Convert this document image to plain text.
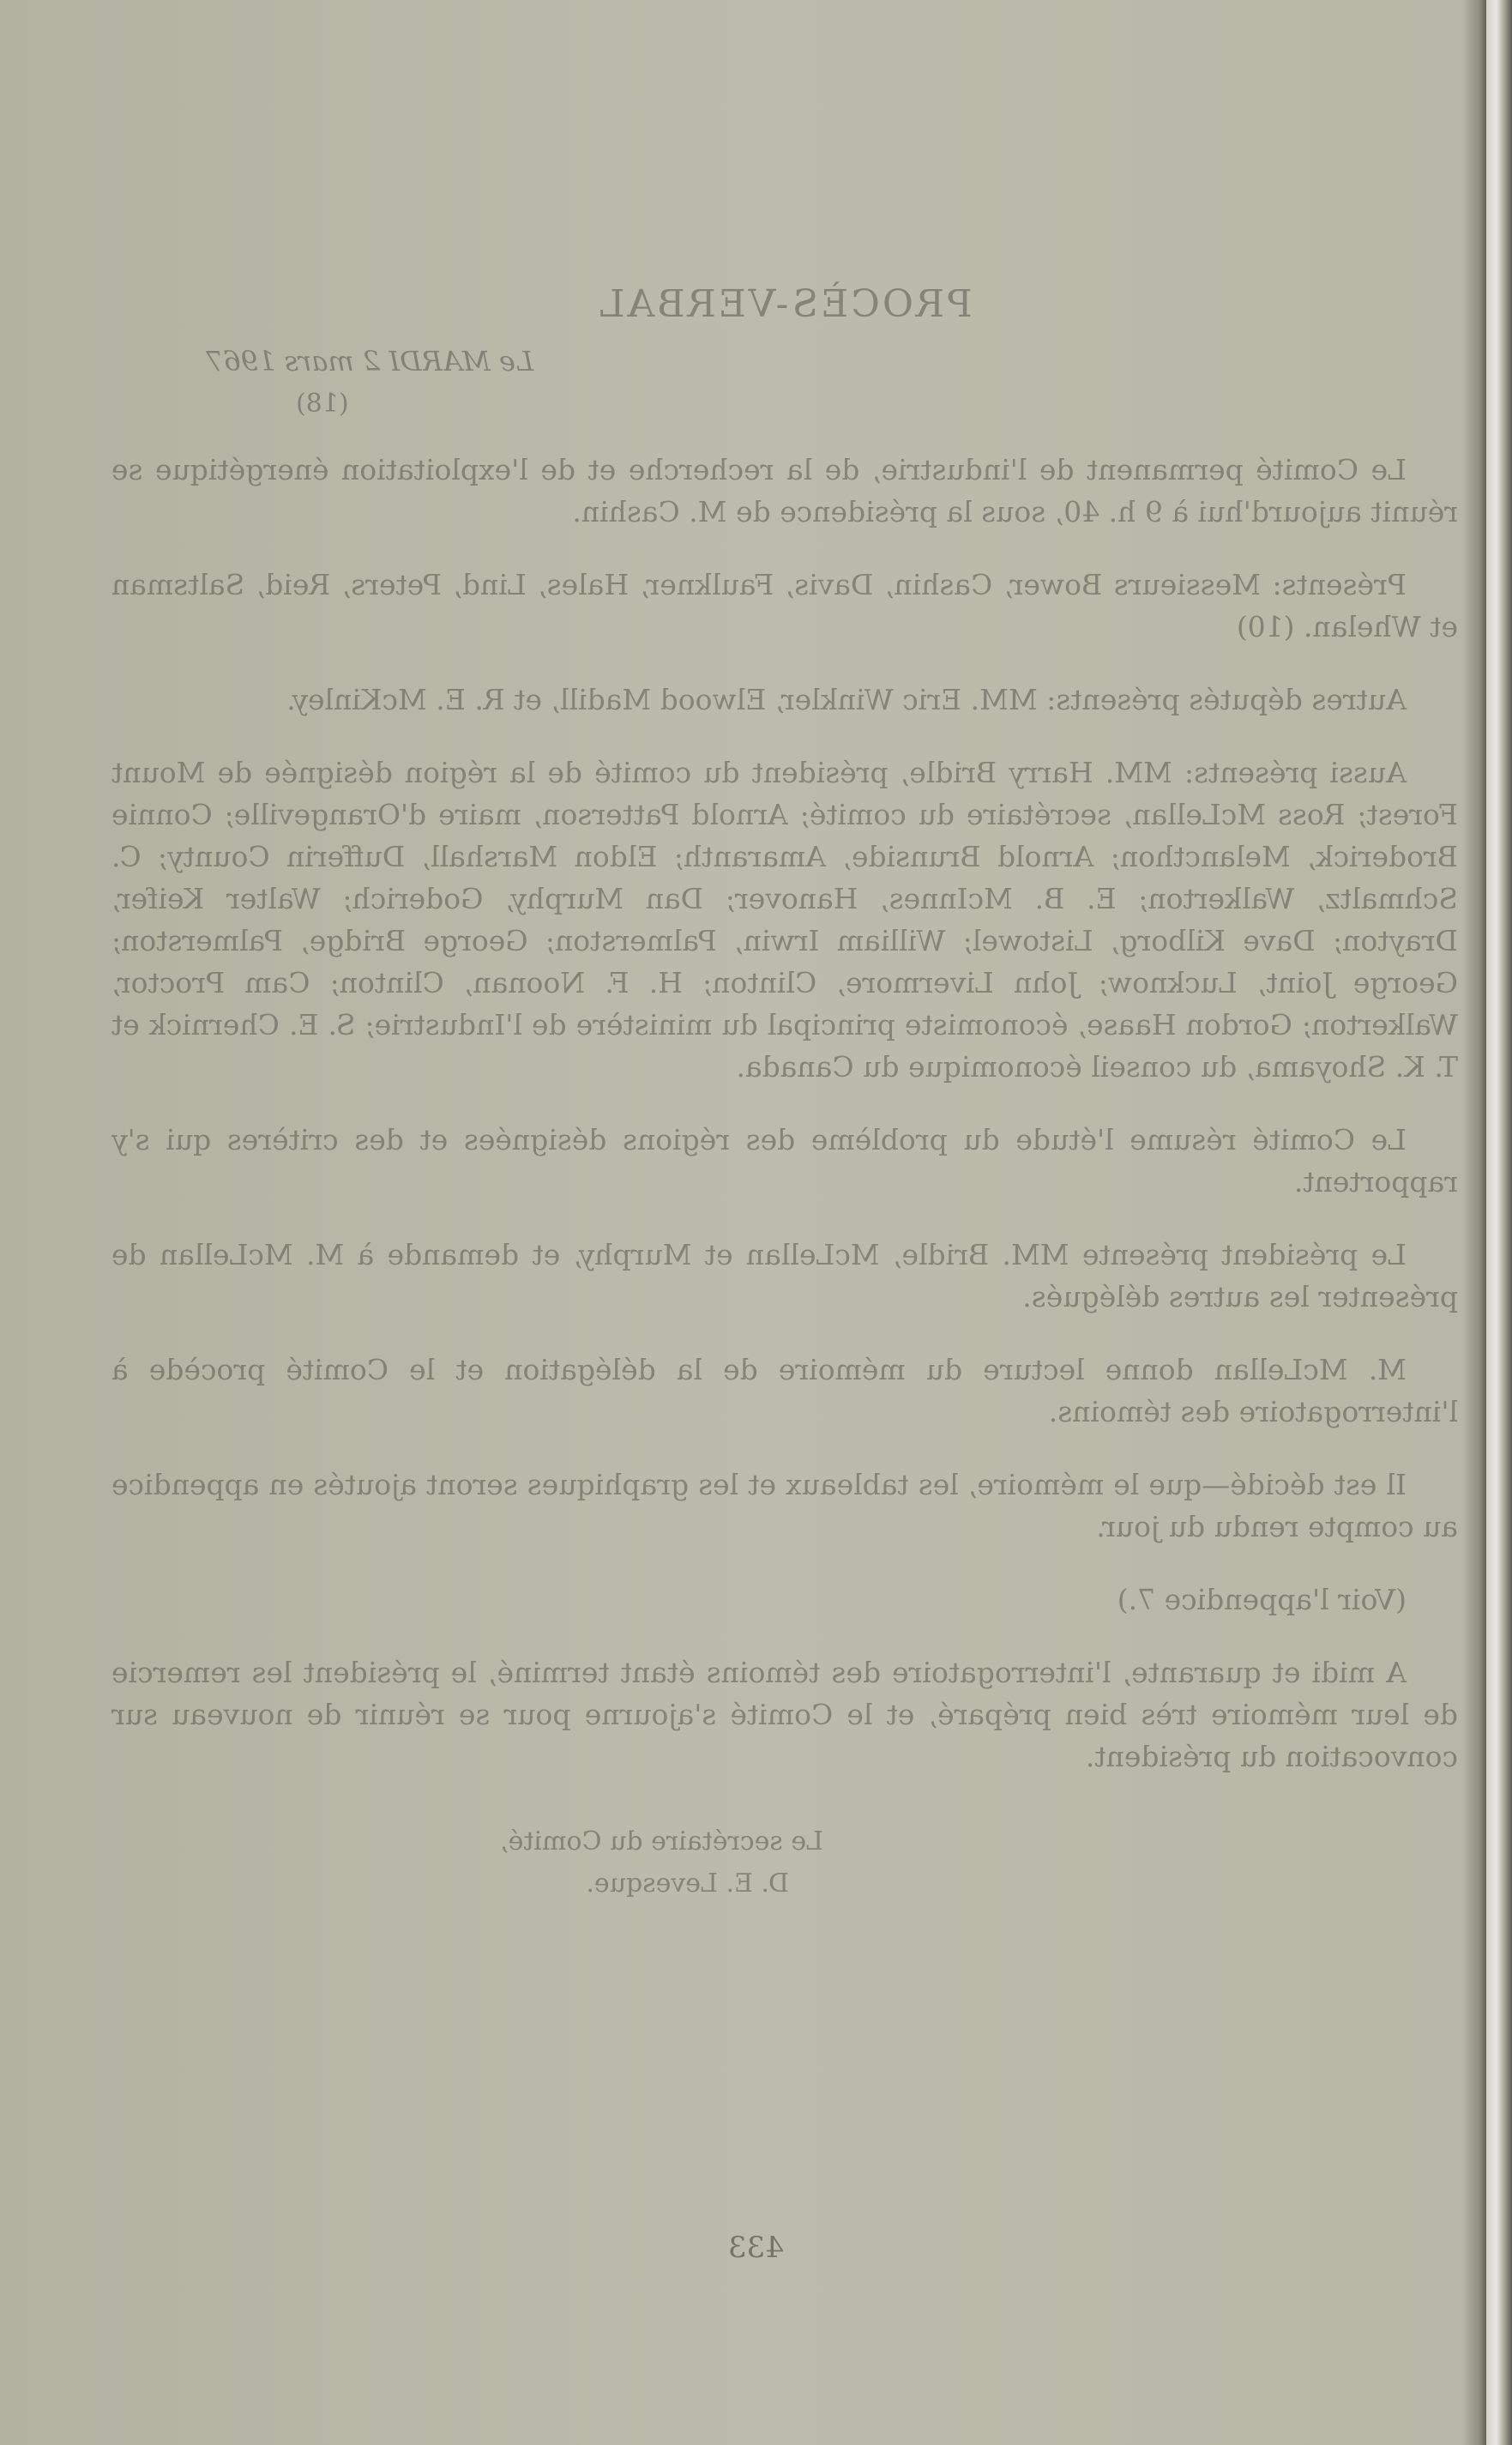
PROCÈS-VERBAL
Le MARDI 2 mars 1967
(18)

Le Comité permanent de l'industrie, de la recherche et de l'exploitation énergétique se réunit aujourd'hui à 9 h. 40, sous la présidence de M. Cashin.

Présents: Messieurs Bower, Cashin, Davis, Faulkner, Hales, Lind, Peters, Reid, Saltsman et Whelan. (10)

Autres députés présents: MM. Eric Winkler, Elwood Madill, et R. E. McKinley.

Aussi présents: MM. Harry Bridle, président du comité de la région désignée de Mount Forest; Ross McLellan, secrétaire du comité; Arnold Patterson, maire d'Orangeville; Connie Broderick, Melancthon; Arnold Brunside, Amaranth; Eldon Marshall, Dufferin County; C. Schmaltz, Walkerton; E. B. McInnes, Hanover; Dan Murphy, Goderich; Walter Keifer, Drayton; Dave Kilborg, Listowel; William Irwin, Palmerston; George Bridge, Palmerston; George Joint, Lucknow; John Livermore, Clinton; H. F. Noonan, Clinton; Cam Proctor, Walkerton; Gordon Haase, économiste principal du ministère de l'Industrie; S. E. Chernick et T. K. Shoyama, du conseil économique du Canada.

Le Comité résume l'étude du problème des régions désignées et des critères qui s'y rapportent.

Le président présente MM. Bridle, McLellan et Murphy, et demande à M. McLellan de présenter les autres délégués.

M. McLellan donne lecture du mémoire de la délégation et le Comité procède à l'interrogatoire des témoins.

Il est décidé—que le mémoire, les tableaux et les graphiques seront ajoutés en appendice au compte rendu du jour.

(Voir l'appendice 7.)

A midi et quarante, l'interrogatoire des témoins étant terminé, le président les remercie de leur mémoire très bien préparé, et le Comité s'ajourne pour se réunir de nouveau sur convocation du président.

Le secrétaire du Comité,
D. E. Levesque.
433
